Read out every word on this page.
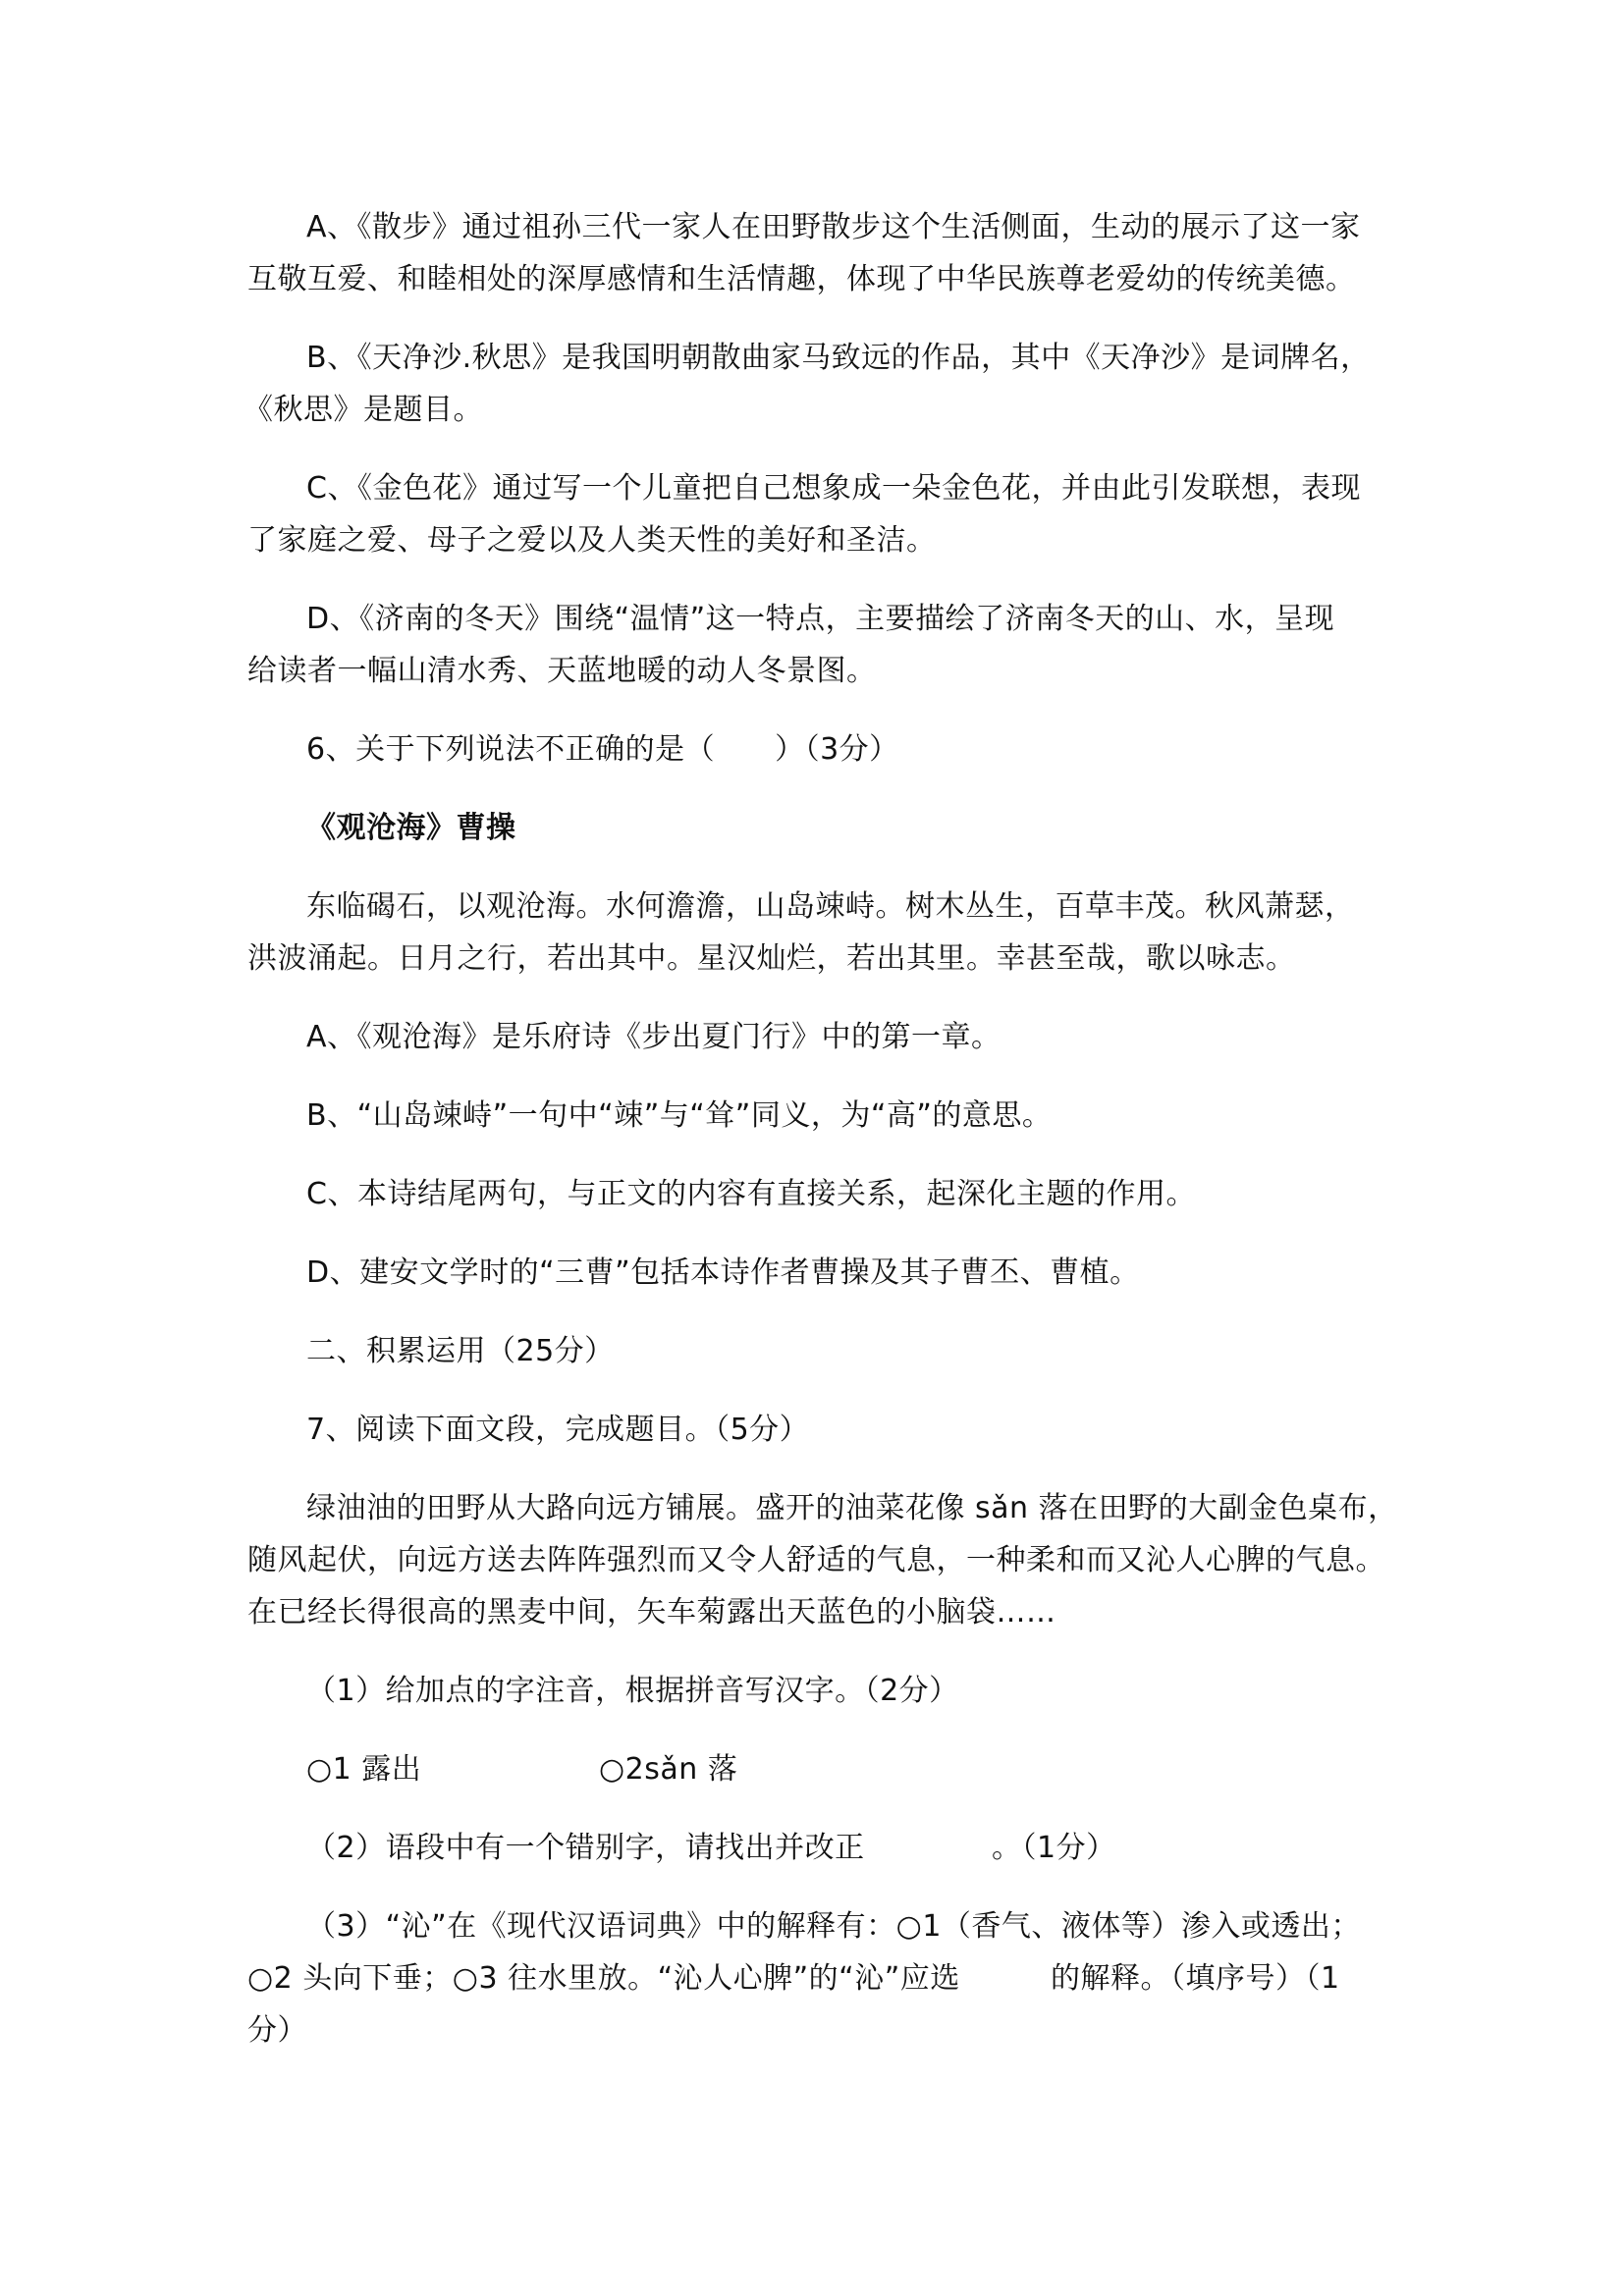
A、《散步》通过祖孙三代一家人在田野散步这个生活侧面，生动的展示了这一家
互敬互爱、和睦相处的深厚感情和生活情趣，体现了中华民族尊老爱幼的传统美德。
B、《天净沙.秋思》是我国明朝散曲家马致远的作品，其中《天净沙》是词牌名，
《秋思》是题目。
C、《金色花》通过写一个儿童把自己想象成一朵金色花，并由此引发联想，表现
了家庭之爱、母子之爱以及人类天性的美好和圣洁。
D、《济南的冬天》围绕“温情”这一特点，主要描绘了济南冬天的山、水，呈现
给读者一幅山清水秀、天蓝地暖的动人冬景图。
6、关于下列说法不正确的是（　　）（3分）
《观沧海》曹操
东临碣石，以观沧海。水何澹澹，山岛竦峙。树木丛生，百草丰茂。秋风萧瑟，
洪波涌起。日月之行，若出其中。星汉灿烂，若出其里。幸甚至哉，歌以咏志。
A、《观沧海》是乐府诗《步出夏门行》中的第一章。
B、“山岛竦峙”一句中“竦”与“耸”同义，为“高”的意思。
C、本诗结尾两句，与正文的内容有直接关系，起深化主题的作用。
D、建安文学时的“三曹”包括本诗作者曹操及其子曹丕、曹植。
二、积累运用（25分）
7、阅读下面文段，完成题目。（5分）
绿油油的田野从大路向远方铺展。盛开的油菜花像 sǎn 落在田野的大副金色桌布，
随风起伏，向远方送去阵阵强烈而又令人舒适的气息，一种柔和而又沁人心脾的气息。
在已经长得很高的黑麦中间，矢车菊露出天蓝色的小脑袋……
（1）给加点的字注音，根据拼音写汉字。（2分）
○1 露出	○2sǎn 落
（2）语段中有一个错别字，请找出并改正	。（1分）
（3）“沁”在《现代汉语词典》中的解释有：○1（香气、液体等）渗入或透出；
○2 头向下垂；○3 往水里放。“沁人心脾”的“沁”应选	的解释。（填序号）（1
分）
